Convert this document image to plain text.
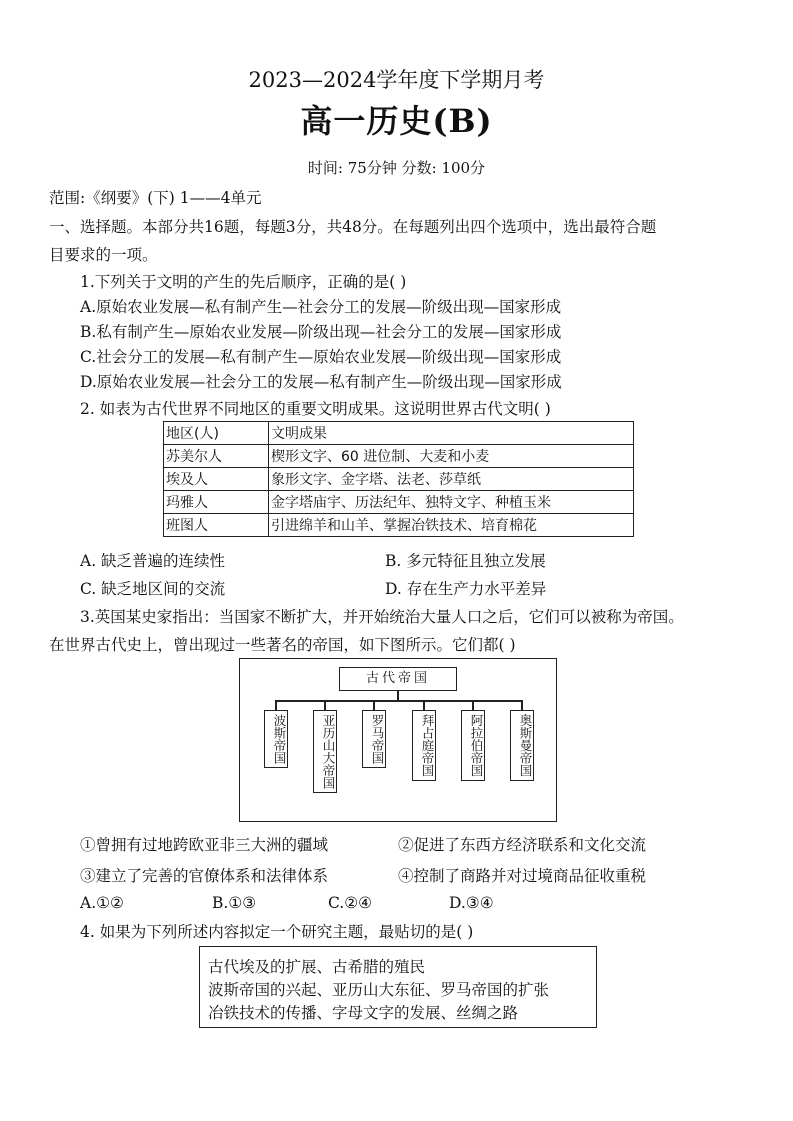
2023—2024学年度下学期月考
高一历史(B)
时间: 75分钟 分数: 100分
范围:《纲要》(下) 1——4单元
一、选择题。本部分共16题，每题3分，共48分。在每题列出四个选项中，选出最符合题
目要求的一项。
1.下列关于文明的产生的先后顺序，正确的是( )
A.原始农业发展—私有制产生—社会分工的发展—阶级出现—国家形成
B.私有制产生—原始农业发展—阶级出现—社会分工的发展—国家形成
C.社会分工的发展—私有制产生—原始农业发展—阶级出现—国家形成
D.原始农业发展—社会分工的发展—私有制产生—阶级出现—国家形成
2. 如表为古代世界不同地区的重要文明成果。这说明世界古代文明( )
地区(人)	文明成果
苏美尔人	楔形文字、60 进位制、大麦和小麦
埃及人	象形文字、金字塔、法老、莎草纸
玛雅人	金字塔庙宇、历法纪年、独特文字、种植玉米
班图人	引进绵羊和山羊、掌握冶铁技术、培育棉花
A. 缺乏普遍的连续性	B. 多元特征且独立发展
C. 缺乏地区间的交流	D. 存在生产力水平差异
3.英国某史家指出：当国家不断扩大，并开始统治大量人口之后，它们可以被称为帝国。
在世界古代史上，曾出现过一些著名的帝国，如下图所示。它们都( )
古代帝国
波斯帝国	亚历山大帝国	罗马帝国	拜占庭帝国	阿拉伯帝国	奥斯曼帝国
①曾拥有过地跨欧亚非三大洲的疆域	②促进了东西方经济联系和文化交流
③建立了完善的官僚体系和法律体系	④控制了商路并对过境商品征收重税
A.①②	B.①③	C.②④	D.③④
4. 如果为下列所述内容拟定一个研究主题，最贴切的是( )
古代埃及的扩展、古希腊的殖民
波斯帝国的兴起、亚历山大东征、罗马帝国的扩张
冶铁技术的传播、字母文字的发展、丝绸之路
